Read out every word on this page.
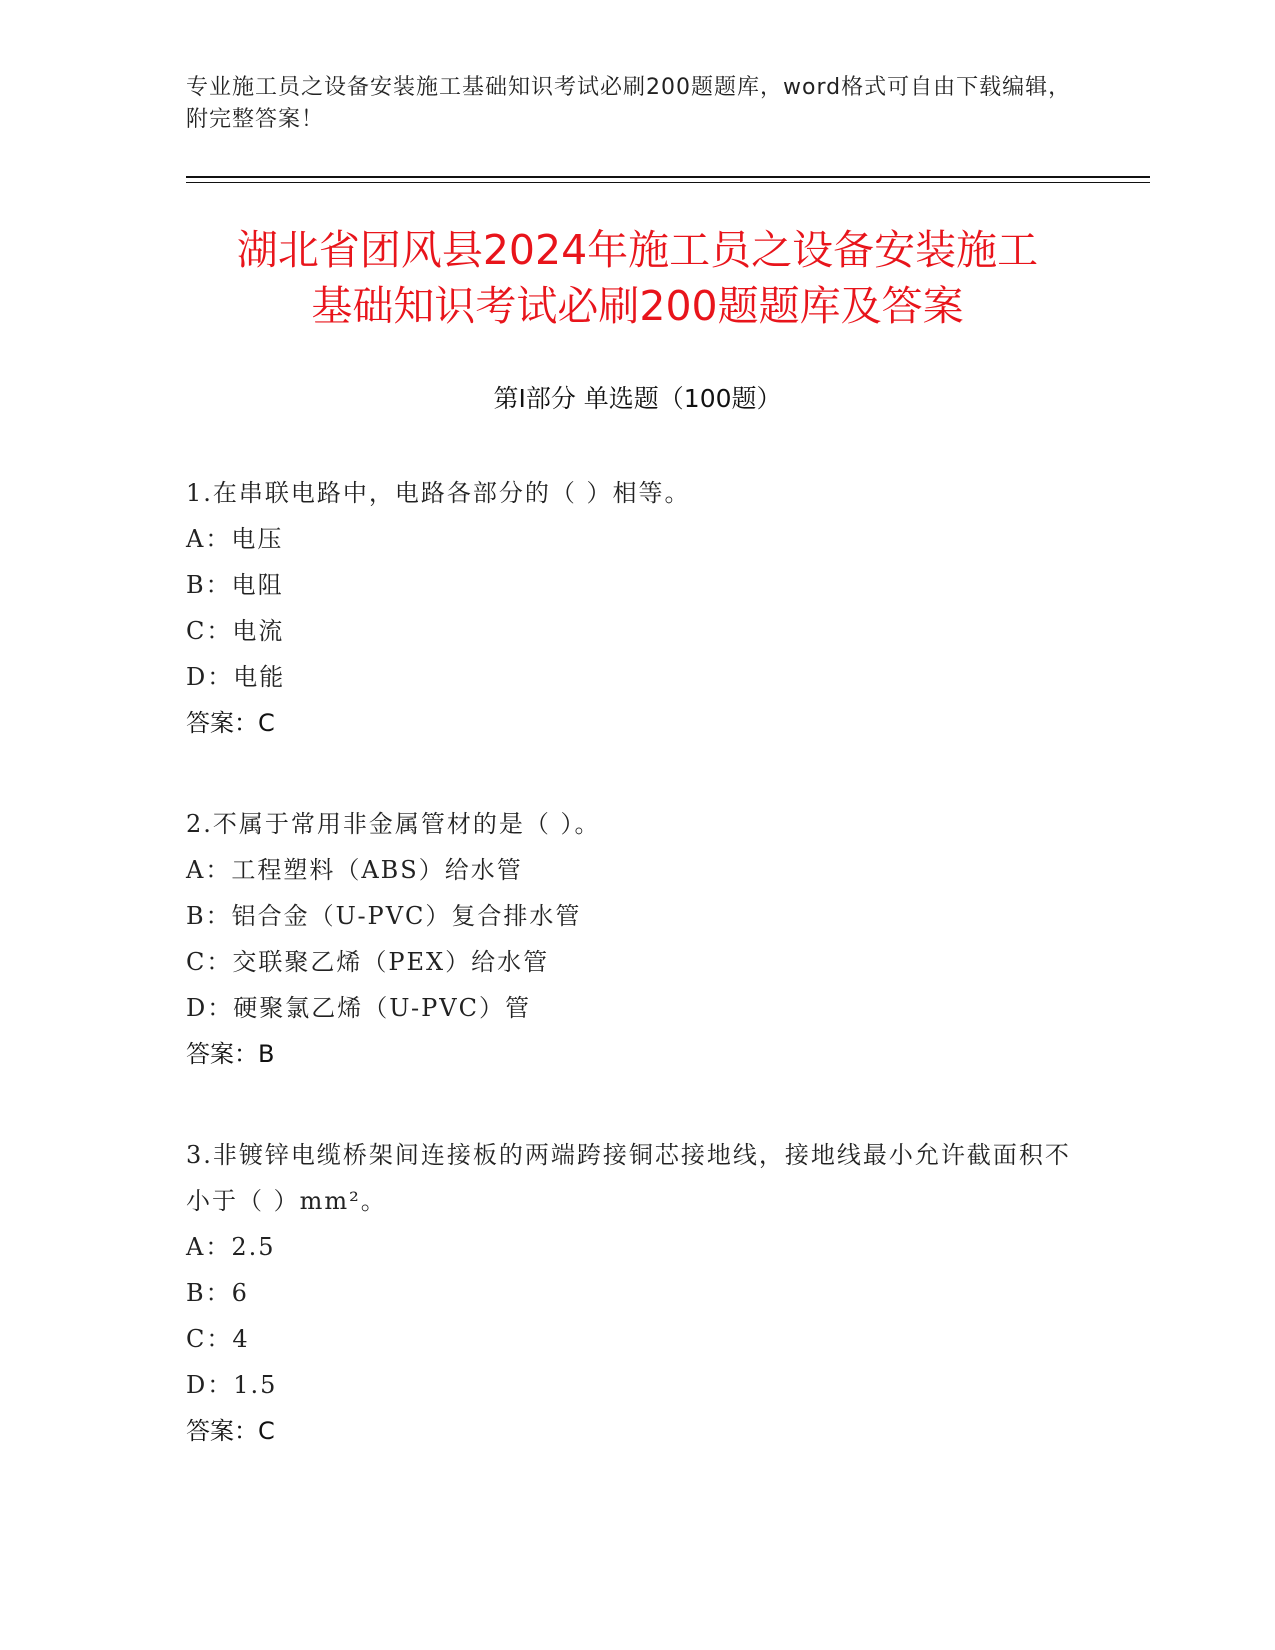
专业施工员之设备安装施工基础知识考试必刷200题题库，word格式可自由下载编辑，附完整答案！
湖北省团风县2024年施工员之设备安装施工
基础知识考试必刷200题题库及答案
第Ⅰ部分 单选题（100题）

1.在串联电路中，电路各部分的（ ）相等。

A：电压

B：电阻

C：电流

D：电能

答案：C

2.不属于常用非金属管材的是（ ）。

A：工程塑料（ABS）给水管

B：铝合金（U-PVC）复合排水管

C：交联聚乙烯（PEX）给水管

D：硬聚氯乙烯（U-PVC）管

答案：B

3.非镀锌电缆桥架间连接板的两端跨接铜芯接地线，接地线最小允许截面积不小于（ ）mm²。

A：2.5

B：6

C：4

D：1.5

答案：C
